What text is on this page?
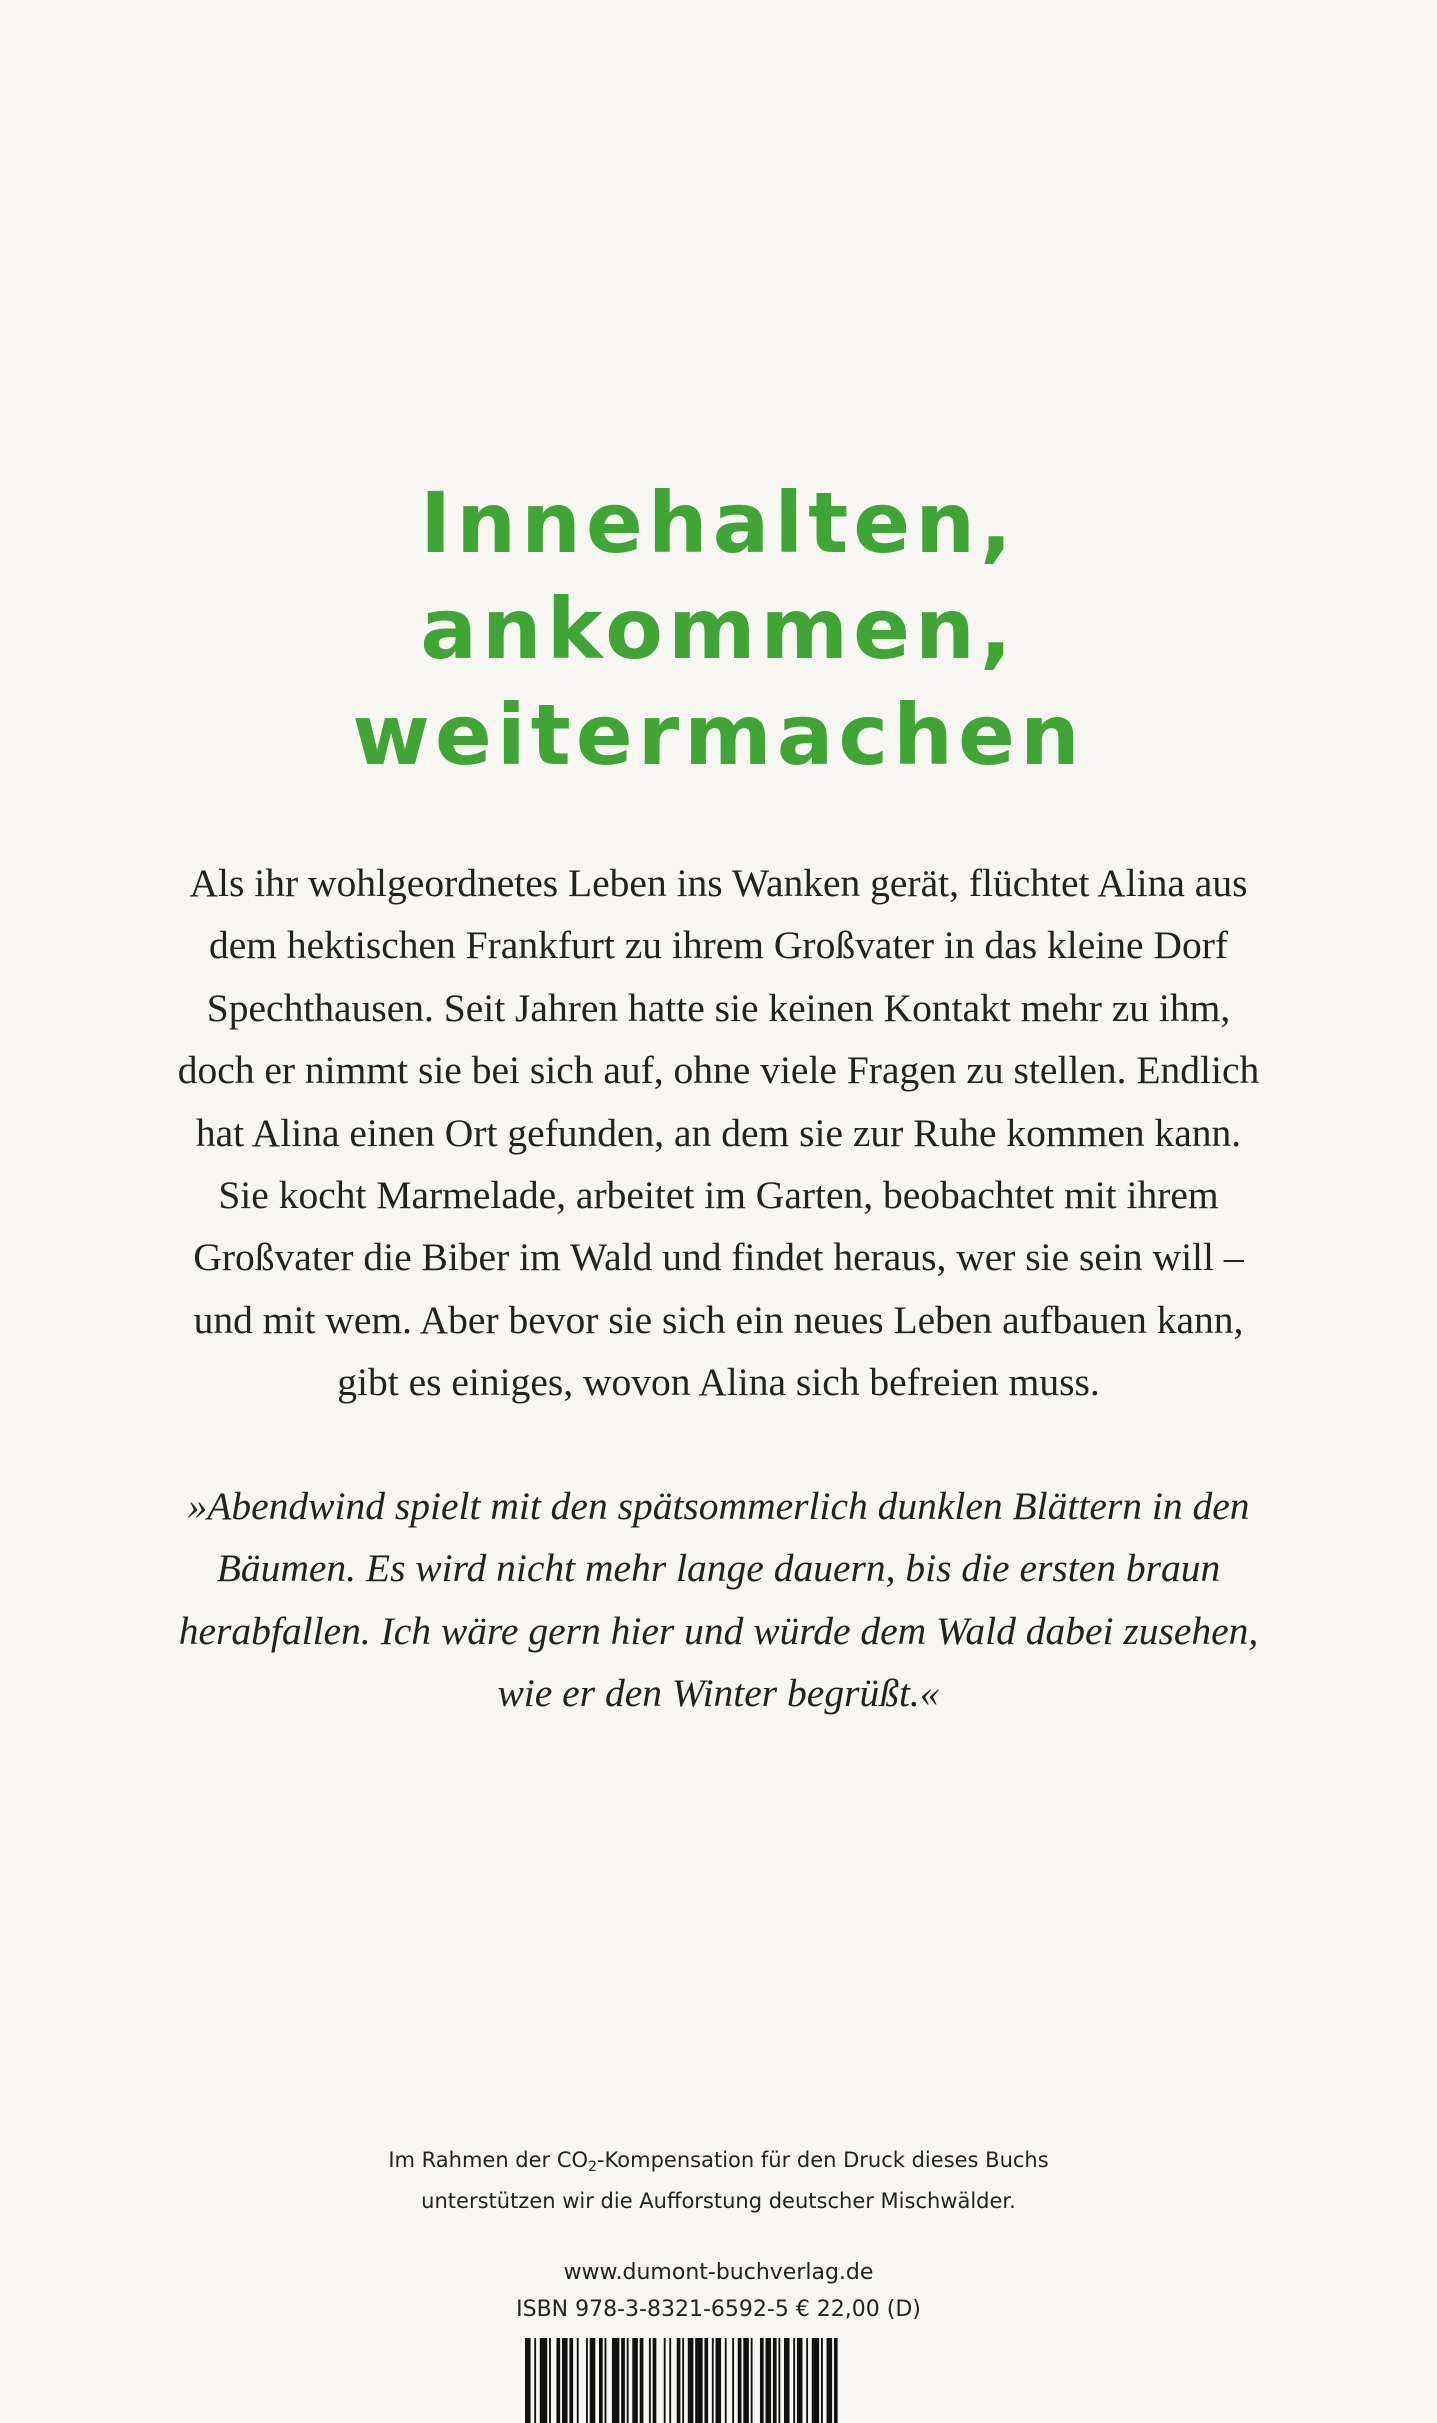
Innehalten,
ankommen,
weitermachen
Als ihr wohlgeordnetes Leben ins Wanken gerät, flüchtet Alina aus
dem hektischen Frankfurt zu ihrem Großvater in das kleine Dorf
Spechthausen. Seit Jahren hatte sie keinen Kontakt mehr zu ihm,
doch er nimmt sie bei sich auf, ohne viele Fragen zu stellen. Endlich
hat Alina einen Ort gefunden, an dem sie zur Ruhe kommen kann.
Sie kocht Marmelade, arbeitet im Garten, beobachtet mit ihrem
Großvater die Biber im Wald und findet heraus, wer sie sein will –
und mit wem. Aber bevor sie sich ein neues Leben aufbauen kann,
gibt es einiges, wovon Alina sich befreien muss.
»Abendwind spielt mit den spätsommerlich dunklen Blättern in den
Bäumen. Es wird nicht mehr lange dauern, bis die ersten braun
herabfallen. Ich wäre gern hier und würde dem Wald dabei zusehen,
wie er den Winter begrüßt.«
Im Rahmen der $CO_2$-Kompensation für den Druck dieses Buchs
unterstützen wir die Aufforstung deutscher Mischwälder.
www.dumont-buchverlag.de
ISBN 978-3-8321-6592-5 € 22,00 (D)
